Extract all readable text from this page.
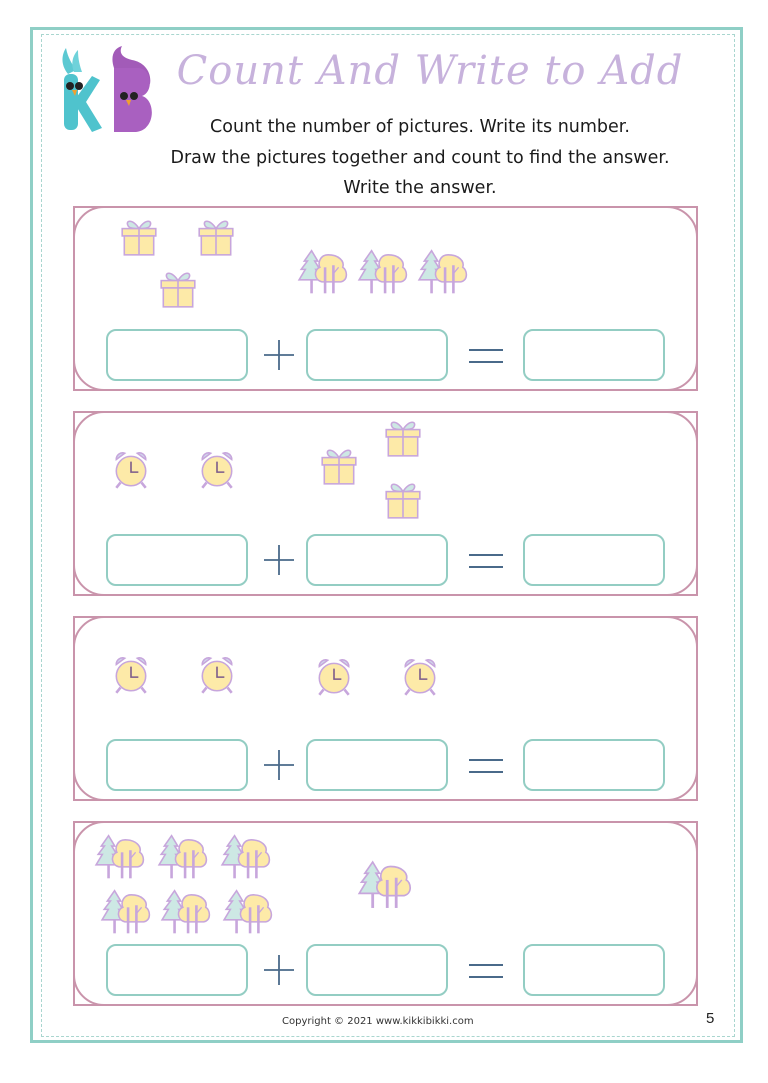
Count And Write to Add
Count the number of pictures. Write its number.
Draw the pictures together and count to find the answer.
Write the answer.
Copyright © 2021 www.kikkibikki.com	5
